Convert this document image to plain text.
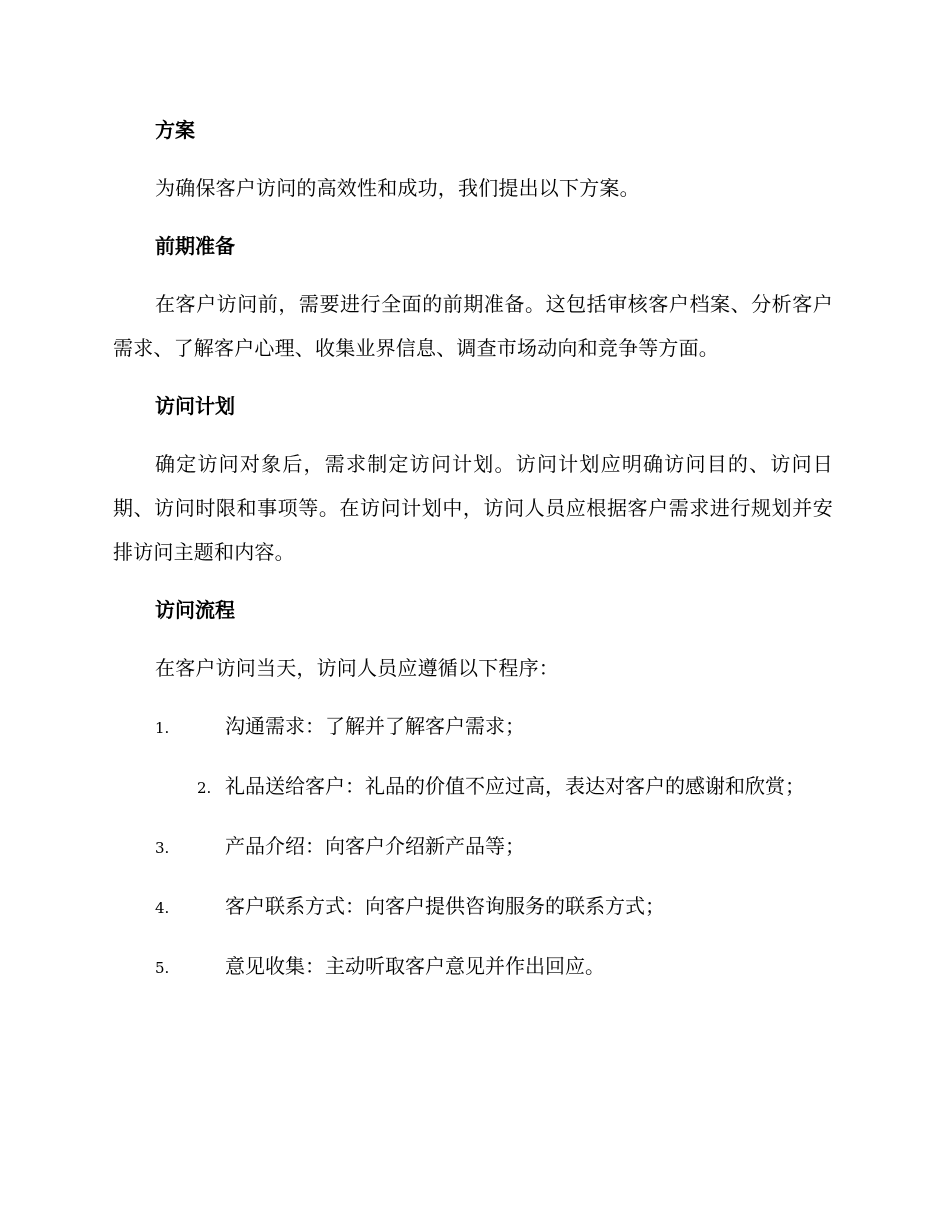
方案
为确保客户访问的高效性和成功，我们提出以下方案。
前期准备
在客户访问前，需要进行全面的前期准备。这包括审核客户档案、分析客户需求、了解客户心理、收集业界信息、调查市场动向和竞争等方面。
访问计划
确定访问对象后，需求制定访问计划。访问计划应明确访问目的、访问日期、访问时限和事项等。在访问计划中，访问人员应根据客户需求进行规划并安排访问主题和内容。
访问流程
在客户访问当天，访问人员应遵循以下程序：
1.	沟通需求：了解并了解客户需求；
2. 礼品送给客户：礼品的价值不应过高，表达对客户的感谢和欣赏；
3.	产品介绍：向客户介绍新产品等；
4.	客户联系方式：向客户提供咨询服务的联系方式；
5.	意见收集：主动听取客户意见并作出回应。
